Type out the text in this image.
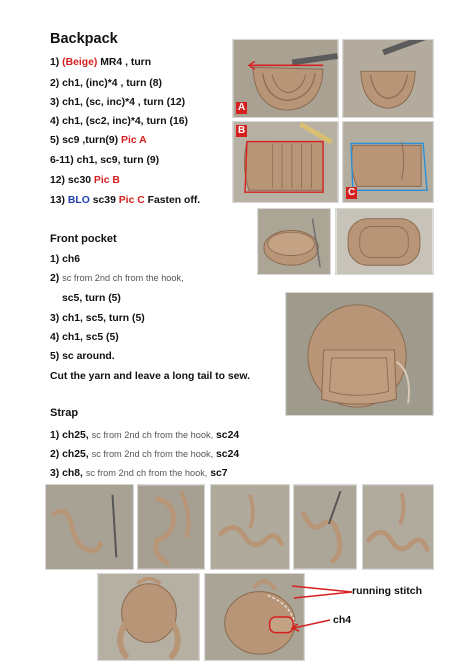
Backpack
1) (Beige) MR4 , turn
2) ch1, (inc)*4 , turn (8)
3) ch1, (sc, inc)*4 , turn (12)
4) ch1, (sc2, inc)*4, turn (16)
5) sc9 ,turn(9) Pic A
6-11) ch1, sc9, turn (9)
12) sc30 Pic B
13) BLO sc39 Pic C Fasten off.
Front pocket
1) ch6
2) sc from 2nd ch from the hook,
sc5, turn (5)
3) ch1, sc5, turn (5)
4) ch1, sc5 (5)
5) sc around.
Cut the yarn and leave a long tail to sew.
Strap
1) ch25, sc from 2nd ch from the hook, sc24
2) ch25, sc from 2nd ch from the hook, sc24
3) ch8, sc from 2nd ch from the hook, sc7
A
B
C
running stitch
ch4
